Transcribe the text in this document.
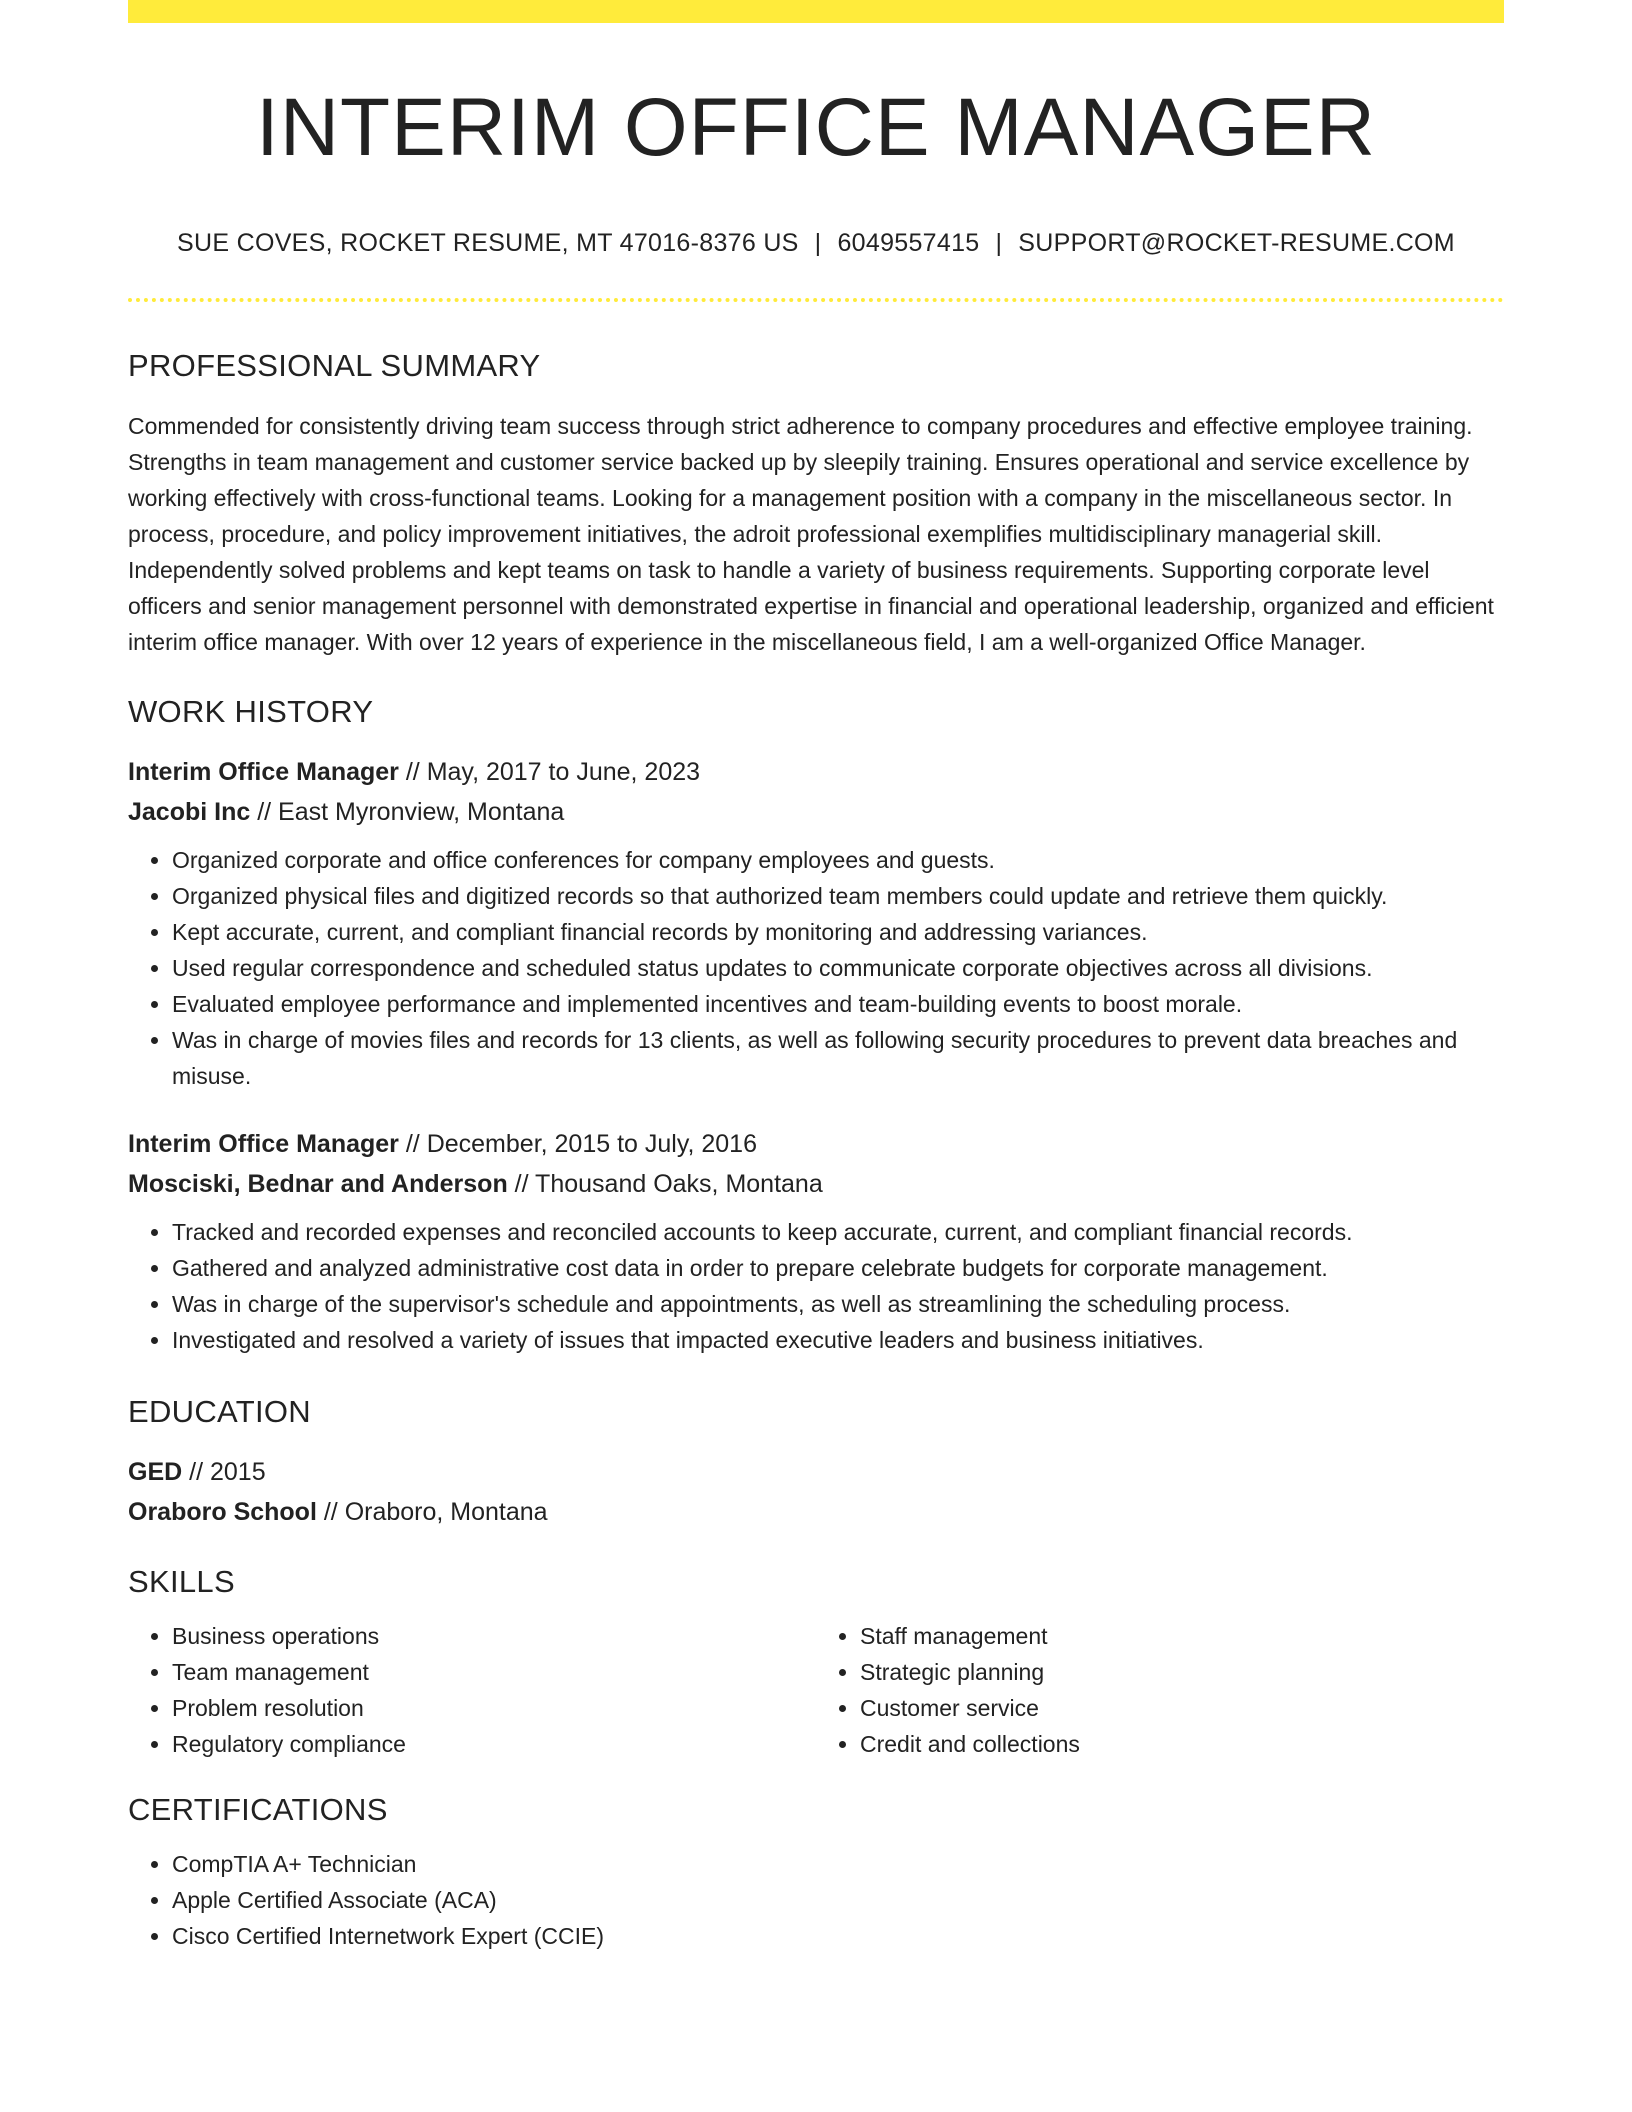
INTERIM OFFICE MANAGER
SUE COVES, ROCKET RESUME, MT 47016-8376 US | 6049557415 | SUPPORT@ROCKET-RESUME.COM
PROFESSIONAL SUMMARY

Commended for consistently driving team success through strict adherence to company procedures and effective employee training. Strengths in team management and customer service backed up by sleepily training. Ensures operational and service excellence by working effectively with cross-functional teams. Looking for a management position with a company in the miscellaneous sector. In process, procedure, and policy improvement initiatives, the adroit professional exemplifies multidisciplinary managerial skill. Independently solved problems and kept teams on task to handle a variety of business requirements. Supporting corporate level officers and senior management personnel with demonstrated expertise in financial and operational leadership, organized and efficient interim office manager. With over 12 years of experience in the miscellaneous field, I am a well-organized Office Manager.

WORK HISTORY
Interim Office Manager // May, 2017 to June, 2023
Jacobi Inc // East Myronview, Montana
• Organized corporate and office conferences for company employees and guests.
• Organized physical files and digitized records so that authorized team members could update and retrieve them quickly.
• Kept accurate, current, and compliant financial records by monitoring and addressing variances.
• Used regular correspondence and scheduled status updates to communicate corporate objectives across all divisions.
• Evaluated employee performance and implemented incentives and team-building events to boost morale.
• Was in charge of movies files and records for 13 clients, as well as following security procedures to prevent data breaches and misuse.
Interim Office Manager // December, 2015 to July, 2016
Mosciski, Bednar and Anderson // Thousand Oaks, Montana
• Tracked and recorded expenses and reconciled accounts to keep accurate, current, and compliant financial records.
• Gathered and analyzed administrative cost data in order to prepare celebrate budgets for corporate management.
• Was in charge of the supervisor's schedule and appointments, as well as streamlining the scheduling process.
• Investigated and resolved a variety of issues that impacted executive leaders and business initiatives.
EDUCATION
GED // 2015
Oraboro School // Oraboro, Montana
SKILLS
• Business operations
• Team management
• Problem resolution
• Regulatory compliance
• Staff management
• Strategic planning
• Customer service
• Credit and collections
CERTIFICATIONS
• CompTIA A+ Technician
• Apple Certified Associate (ACA)
• Cisco Certified Internetwork Expert (CCIE)
